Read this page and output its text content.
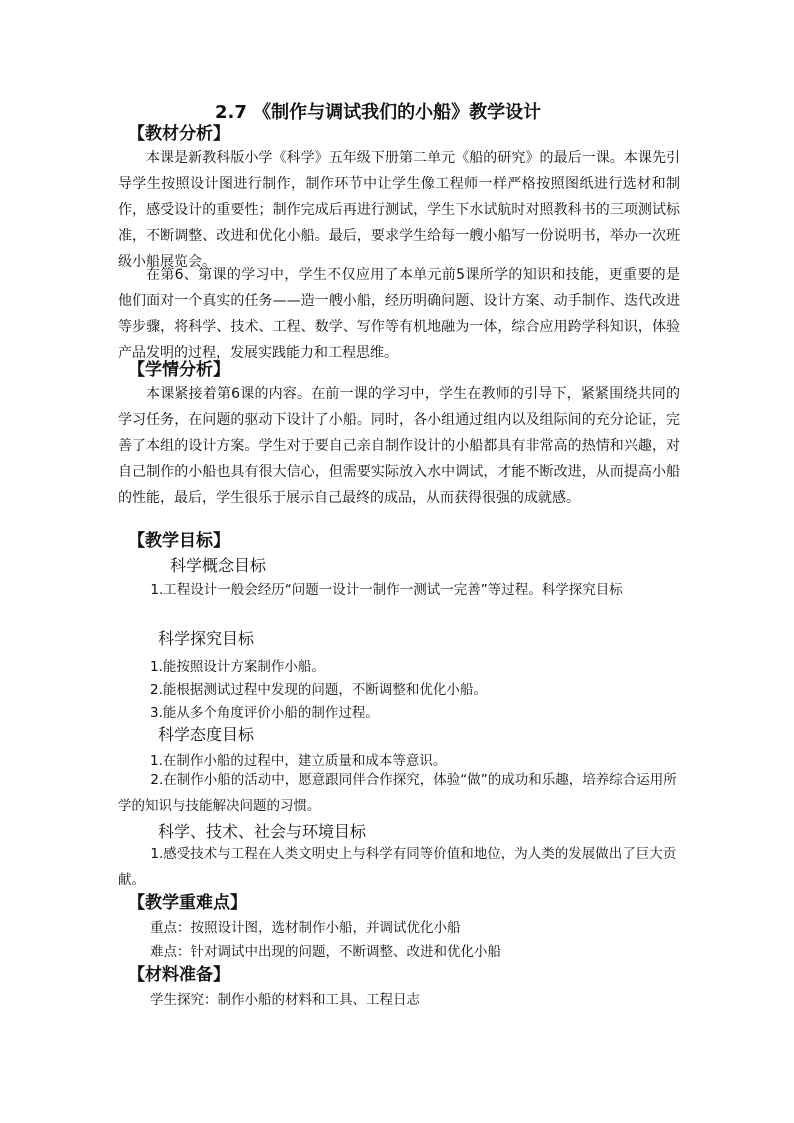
2.7 《制作与调试我们的小船》教学设计
【教材分析】

本课是新教科版小学《科学》五年级下册第二单元《船的研究》的最后一课。本课先引导学生按照设计图进行制作，制作环节中让学生像工程师一样严格按照图纸进行选材和制作，感受设计的重要性；制作完成后再进行测试，学生下水试航时对照教科书的三项测试标准，不断调整、改进和优化小船。最后，要求学生给每一艘小船写一份说明书，举办一次班级小船展览会。

在第6、第课的学习中，学生不仅应用了本单元前5课所学的知识和技能，更重要的是他们面对一个真实的任务——造一艘小船，经历明确问题、设计方案、动手制作、迭代改进等步骤，将科学、技术、工程、数学、写作等有机地融为一体，综合应用跨学科知识，体验产品发明的过程，发展实践能力和工程思维。

【学情分析】

本课紧接着第6课的内容。在前一课的学习中，学生在教师的引导下，紧紧围绕共同的学习任务，在问题的驱动下设计了小船。同时，各小组通过组内以及组际间的充分论证，完善了本组的设计方案。学生对于要自己亲自制作设计的小船都具有非常高的热情和兴趣，对自己制作的小船也具有很大信心，但需要实际放入水中调试，才能不断改进，从而提高小船的性能，最后，学生很乐于展示自己最终的成品，从而获得很强的成就感。

【教学目标】
科学概念目标

1.工程设计一般会经历“问题一设计一制作一测试一完善”等过程。科学探究目标

科学探究目标
1.能按照设计方案制作小船。
2.能根据测试过程中发现的问题，不断调整和优化小船。
3.能从多个角度评价小船的制作过程。
科学态度目标
1.在制作小船的过程中，建立质量和成本等意识。

2.在制作小船的活动中，愿意跟同伴合作探究，体验“做”的成功和乐趣，培养综合运用所学的知识与技能解决问题的习惯。

科学、技术、社会与环境目标

1.感受技术与工程在人类文明史上与科学有同等价值和地位，为人类的发展做出了巨大贡献。

【教学重难点】
重点：按照设计图，选材制作小船，并调试优化小船
难点：针对调试中出现的问题，不断调整、改进和优化小船
【材料准备】
学生探究：制作小船的材料和工具、工程日志
